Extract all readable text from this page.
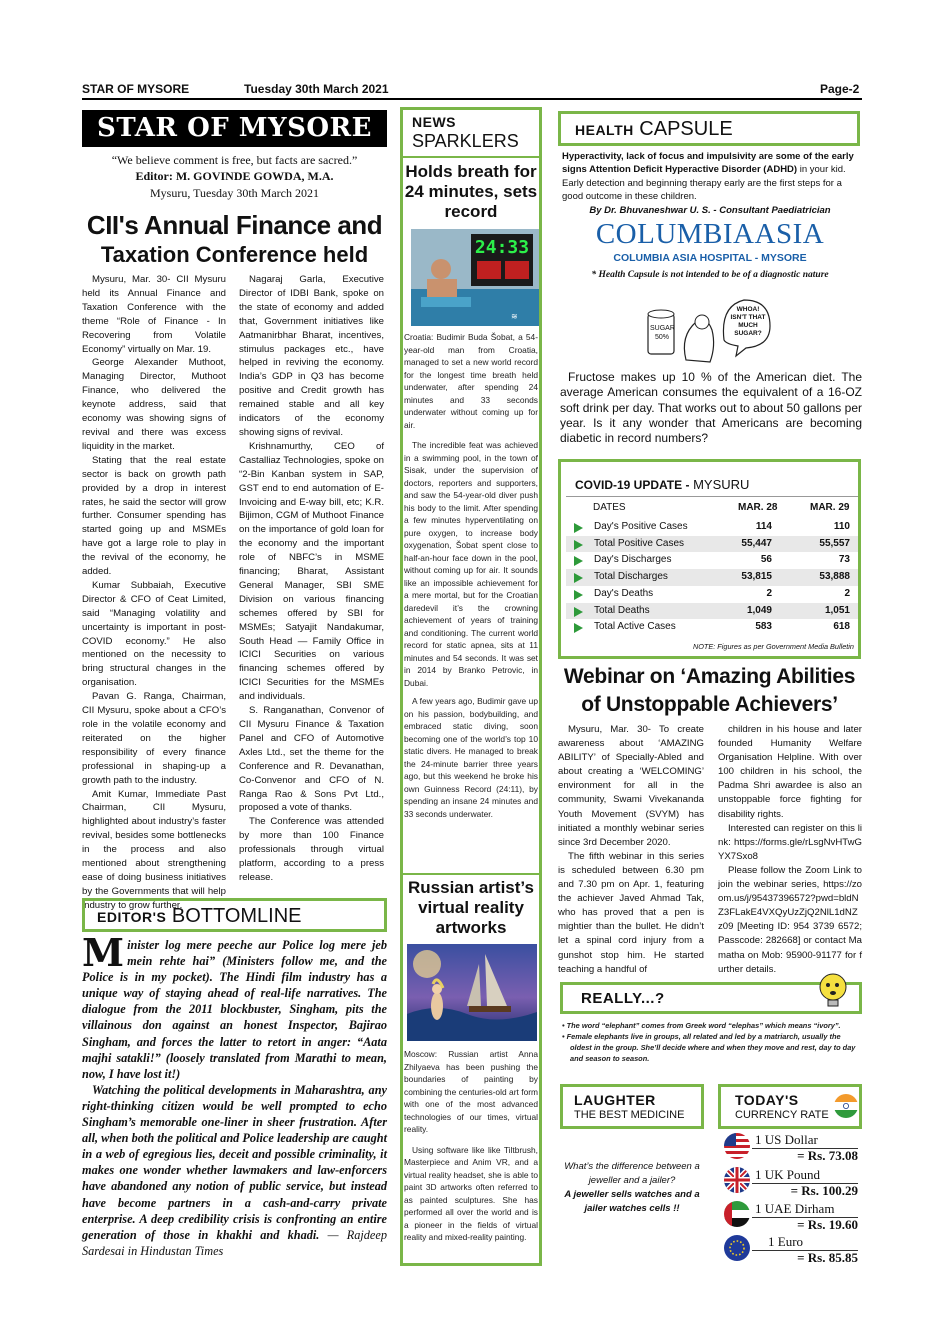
STAR OF MYSORE	Tuesday 30th March 2021	Page-2
STAR OF MYSORE
“We believe comment is free, but facts are sacred.”
Editor: M. GOVINDE GOWDA, M.A.
Mysuru, Tuesday 30th March 2021
CII's Annual Finance and
Taxation Conference held

Mysuru, Mar. 30- CII Mysuru held its Annual Finance and Taxation Conference with the theme “Role of Finance - In Recovering from Volatile Economy” virtually on Mar. 19.

George Alexander Muthoot, Managing Director, Muthoot Finance, who delivered the keynote address, said that economy was showing signs of revival and there was excess liquidity in the market.

Stating that the real estate sector is back on growth path provided by a drop in interest rates, he said the sector will grow further. Consumer spending has started going up and MSMEs have got a large role to play in the revival of the economy, he added.

Kumar Subbaiah, Executive Director & CFO of Ceat Limited, said “Managing volatility and uncertainty is important in post-COVID economy.” He also mentioned on the necessity to bring structural changes in the organisation.

Pavan G. Ranga, Chairman, CII Mysuru, spoke about a CFO’s role in the volatile economy and reiterated on the higher responsibility of every finance professional in shaping-up a growth path to the industry.

Amit Kumar, Immediate Past Chairman, CII Mysuru, highlighted about industry’s faster revival, besides some bottlenecks in the process and also mentioned about strengthening ease of doing business initiatives by the Governments that will help industry to grow further.

Nagaraj Garla, Executive Director of IDBI Bank, spoke on the state of economy and added that, Government initiatives like Aatmanirbhar Bharat, incentives, stimulus packages etc., have helped in reviving the economy. India’s GDP in Q3 has become positive and Credit growth has remained stable and all key indicators of the economy showing signs of revival.

Krishnamurthy, CEO of Castalliaz Technologies, spoke on “2-Bin Kanban system in SAP, GST end to end automation of E-Invoicing and E-way bill, etc; K.R. Bijimon, CGM of Muthoot Finance on the importance of gold loan for the economy and the important role of NBFC’s in MSME financing; Bharat, Assistant General Manager, SBI SME Division on various financing schemes offered by SBI for MSMEs; Satyajit Nandakumar, South Head — Family Office in ICICI Securities on various financing schemes offered by ICICI Securities for the MSMEs and individuals.

S. Ranganathan, Convenor of CII Mysuru Finance & Taxation Panel and CFO of Automotive Axles Ltd., set the theme for the Conference and R. Devanathan, Co-Convenor and CFO of N. Ranga Rao & Sons Pvt Ltd., proposed a vote of thanks.

The Conference was attended by more than 100 Finance professionals through virtual platform, according to a press release.

EDITOR'S BOTTOMLINE
M inister log mere peeche aur Police log mere jeb mein rehte hai” (Ministers follow me, and the Police is in my pocket). The Hindi film industry has a unique way of staying ahead of real-life narratives. The dialogue from the 2011 blockbuster, Singham, pits the villainous don against an honest Inspector, Bajirao Singham, and forces the latter to retort in anger: “Aata majhi satakli!” (loosely translated from Marathi to mean, now, I have lost it!)
Watching the political developments in Maharashtra, any right-thinking citizen would be well prompted to echo Singham’s memorable one-liner in sheer frustration. After all, when both the political and Police leadership are caught in a web of egregious lies, deceit and possible criminality, it makes one wonder whether lawmakers and law-enforcers have abandoned any notion of public service, but instead have become partners in a cash-and-carry private enterprise. A deep credibility crisis is confronting an entire generation of those in khakhi and khadi. — Rajdeep Sardesai in Hindustan Times
NEWS
SPARKLERS
Holds breath for 24 minutes, sets record
≋
24:33
Croatia: Budimir Buda Šobat, a 54-year-old man from Croatia, managed to set a new world record for the longest time breath held underwater, after spending 24 minutes and 33 seconds underwater without coming up for air.

The incredible feat was achieved in a swimming pool, in the town of Sisak, under the supervision of doctors, reporters and supporters, and saw the 54-year-old diver push his body to the limit. After spending a few minutes hyperventilating on pure oxygen, to increase body oxygenation, Šobat spent close to half-an-hour face down in the pool, without coming up for air. It sounds like an impossible achievement for a mere mortal, but for the Croatian daredevil it’s the crowning achievement of years of training and conditioning. The current world record for static apnea, sits at 11 minutes and 54 seconds. It was set in 2014 by Branko Petrovic, in Dubai.

A few years ago, Budimir gave up on his passion, bodybuilding, and embraced static diving, soon becoming one of the world’s top 10 static divers. He managed to break the 24-minute barrier three years ago, but this weekend he broke his own Guinness Record (24:11), by spending an insane 24 minutes and 33 seconds underwater.

Russian artist’s virtual reality artworks
Moscow: Russian artist Anna Zhilyaeva has been pushing the boundaries of painting by combining the centuries-old art form with one of the most advanced technologies of our times, virtual reality.

Using software like like Tiltbrush, Masterpiece and Anim VR, and a virtual reality headset, she is able to paint 3D artworks often referred to as painted sculptures. She has performed all over the world and is a pioneer in the fields of virtual reality and mixed-reality painting.

HEALTH CAPSULE
Hyperactivity, lack of focus and impulsivity are some of the early signs Attention Deficit Hyperactive Disorder (ADHD) in your kid. Early detection and beginning therapy early are the first steps for a good outcome in these children.
By Dr. Bhuvaneshwar U. S. - Consultant Paediatrician
COLUMBIAASIA
COLUMBIA ASIA HOSPITAL - MYSORE
* Health Capsule is not intended to be of a diagnostic nature
SUGAR 50%
WHOA! ISN'T THAT MUCH SUGAR?
Fructose makes up 10 % of the American diet. The average American consumes the equivalent of a 16-OZ soft drink per day. That works out to about 50 gallons per year. Is it any wonder that Americans are becoming diabetic in record numbers?
COVID-19 UPDATE - MYSURU
DATES	MAR. 28	MAR. 29
Day's Positive Cases	114	110
Total Positive Cases	55,447	55,557
Day's Discharges	56	73
Total Discharges	53,815	53,888
Day's Deaths	2	2
Total Deaths	1,049	1,051
Total Active Cases	583	618
NOTE: Figures as per Government Media Bulletin
Webinar on ‘Amazing Abilities
of Unstoppable Achievers’

Mysuru, Mar. 30- To create awareness about ‘AMAZING ABILITY’ of Specially-Abled and about creating a ‘WELCOMING’ environment for all in the community, Swami Vivekananda Youth Movement (SVYM) has initiated a monthly webinar series since 3rd December 2020.

The fifth webinar in this series is scheduled between 6.30 pm and 7.30 pm on Apr. 1, featuring the achiever Javed Ahmad Tak, who has proved that a pen is mightier than the bullet. He didn’t let a spinal cord injury from a gunshot stop him. He started teaching a handful of

children in his house and later founded Humanity Welfare Organisation Helpline. With over 100 children in his school, the Padma Shri awardee is also an unstoppable force fighting for disability rights.

Interested can register on this link: https://forms.gle/rLsgNvHTwGYX7Sxo8

Please follow the Zoom Link to join the webinar series, https://zoom.us/j/95437396572?pwd=bldNZ3FLakE4VXQyUzZjQ2NlL1dNZz09 [Meeting ID: 954 3739 6572; Passcode: 282668] or contact Mamatha on Mob: 95900-91177 for further details.

REALLY...?
• The word “elephant” comes from Greek word “elephas” which means “ivory”.
• Female elephants live in groups, all related and led by a matriarch, usually the oldest in the group. She’ll decide where and when they move and rest, day to day and season to season.
LAUGHTER
THE BEST MEDICINE
What’s the difference between a jeweller and a jailer?
A jeweller sells watches and a jailer watches cells !!
TODAY'S
CURRENCY RATE
1 US Dollar
= Rs. 73.08
1 UK Pound
= Rs. 100.29
1 UAE Dirham
= Rs. 19.60
1 Euro
= Rs. 85.85
